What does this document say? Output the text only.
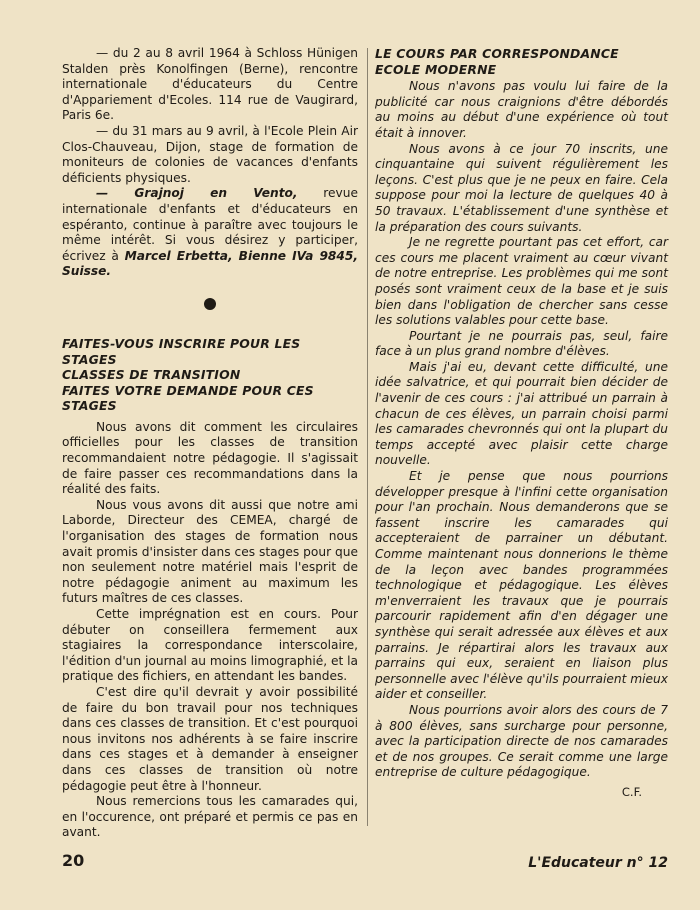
— du 2 au 8 avril 1964 à Schloss Hünigen Stalden près Konolfingen (Berne), rencontre internationale d'éducateurs du Centre d'Appariement d'Ecoles. 114 rue de Vaugirard, Paris 6e.

— du 31 mars au 9 avril, à l'Ecole Plein Air Clos-Chauveau, Dijon, stage de formation de moniteurs de colonies de vacances d'enfants déficients physiques.

— Grajnoj en Vento, revue internationale d'enfants et d'éducateurs en espéranto, continue à paraître avec toujours le même intérêt. Si vous désirez y participer, écrivez à Marcel Erbetta, Bienne IVa 9845, Suisse.

FAITES-VOUS INSCRIRE POUR LES STAGES
CLASSES DE TRANSITION
FAITES VOTRE DEMANDE POUR CES STAGES

Nous avons dit comment les circulaires officielles pour les classes de transition recommandaient notre pédagogie. Il s'agissait de faire passer ces recommandations dans la réalité des faits.

Nous vous avons dit aussi que notre ami Laborde, Directeur des CEMEA, chargé de l'organisation des stages de formation nous avait promis d'insister dans ces stages pour que non seulement notre matériel mais l'esprit de notre pédagogie animent au maximum les futurs maîtres de ces classes.

Cette imprégnation est en cours. Pour débuter on conseillera fermement aux stagiaires la correspondance interscolaire, l'édition d'un journal au moins limographié, et la pratique des fichiers, en attendant les bandes.

C'est dire qu'il devrait y avoir possibilité de faire du bon travail pour nos techniques dans ces classes de transition. Et c'est pourquoi nous invitons nos adhérents à se faire inscrire dans ces stages et à demander à enseigner dans ces classes de transition où notre pédagogie peut être à l'honneur.

Nous remercions tous les camarades qui, en l'occurence, ont préparé et permis ce pas en avant.

LE COURS PAR CORRESPONDANCE
ECOLE MODERNE

Nous n'avons pas voulu lui faire de la publicité car nous craignions d'être débordés au moins au début d'une expérience où tout était à innover.

Nous avons à ce jour 70 inscrits, une cinquantaine qui suivent régulièrement les leçons. C'est plus que je ne peux en faire. Cela suppose pour moi la lecture de quelques 40 à 50 travaux. L'établissement d'une synthèse et la préparation des cours suivants.

Je ne regrette pourtant pas cet effort, car ces cours me placent vraiment au cœur vivant de notre entreprise. Les problèmes qui me sont posés sont vraiment ceux de la base et je suis bien dans l'obligation de chercher sans cesse les solutions valables pour cette base.

Pourtant je ne pourrais pas, seul, faire face à un plus grand nombre d'élèves.

Mais j'ai eu, devant cette difficulté, une idée salvatrice, et qui pourrait bien décider de l'avenir de ces cours : j'ai attribué un parrain à chacun de ces élèves, un parrain choisi parmi les camarades chevronnés qui ont la plupart du temps accepté avec plaisir cette charge nouvelle.

Et je pense que nous pourrions développer presque à l'infini cette organisation pour l'an prochain. Nous demanderons que se fassent inscrire les camarades qui accepteraient de parrainer un débutant. Comme maintenant nous donnerions le thème de la leçon avec bandes programmées technologique et pédagogique. Les élèves m'enverraient les travaux que je pourrais parcourir rapidement afin d'en dégager une synthèse qui serait adressée aux élèves et aux parrains. Je répartirai alors les travaux aux parrains qui eux, seraient en liaison plus personnelle avec l'élève qu'ils pourraient mieux aider et conseiller.

Nous pourrions avoir alors des cours de 7 à 800 élèves, sans surcharge pour personne, avec la participation directe de nos camarades et de nos groupes. Ce serait comme une large entreprise de culture pédagogique.

C.F.
20	L'Educateur n° 12
